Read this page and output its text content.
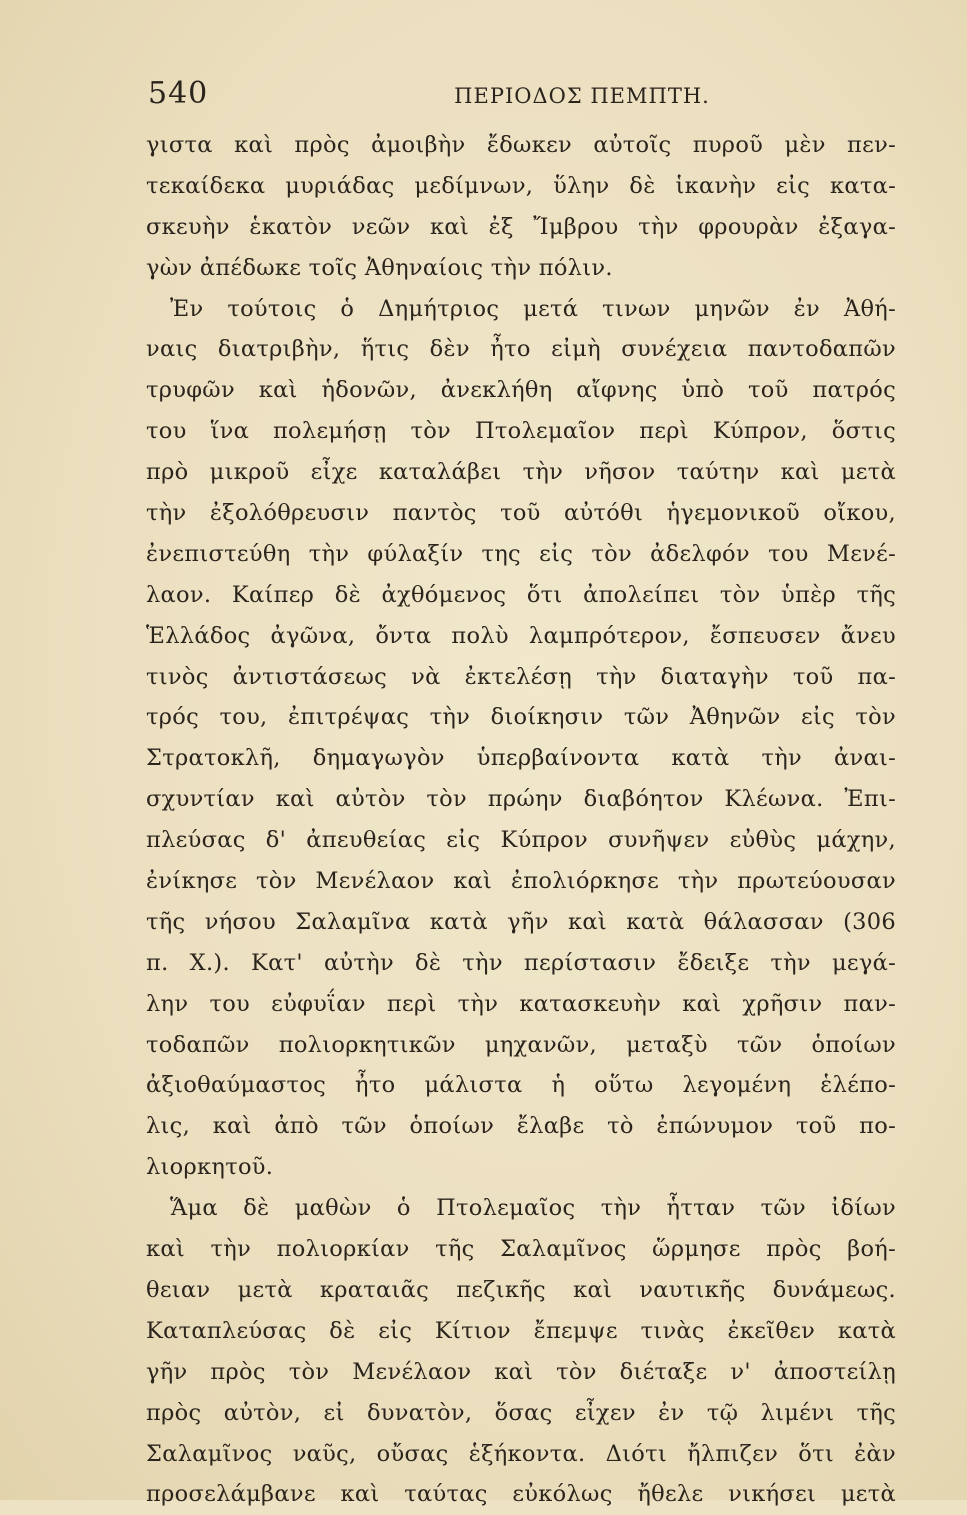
540	ΠΕΡΙΟΔΟΣ ΠΕΜΠΤΗ.
γιστα καὶ πρὸς ἀμοιβὴν ἔδωκεν αὐτοῖς πυροῦ μὲν πεν-
τεκαίδεκα μυριάδας μεδίμνων, ὕλην δὲ ἱκανὴν εἰς κατα-
σκευὴν ἑκατὸν νεῶν καὶ ἐξ Ἴμβρου τὴν φρουρὰν ἐξαγα-
γὼν ἀπέδωκε τοῖς Ἀθηναίοις τὴν πόλιν.
Ἐν τούτοις ὁ Δημήτριος μετά τινων μηνῶν ἐν Ἀθή-
ναις διατριβὴν, ἥτις δὲν ἦτο εἰμὴ συνέχεια παντοδαπῶν
τρυφῶν καὶ ἡδονῶν, ἀνεκλήθη αἴφνης ὑπὸ τοῦ πατρός
του ἵνα πολεμήσῃ τὸν Πτολεμαῖον περὶ Κύπρον, ὅστις
πρὸ μικροῦ εἶχε καταλάβει τὴν νῆσον ταύτην καὶ μετὰ
τὴν ἐξολόθρευσιν παντὸς τοῦ αὐτόθι ἡγεμονικοῦ οἴκου,
ἐνεπιστεύθη τὴν φύλαξίν της εἰς τὸν ἀδελφόν του Μενέ-
λαον. Καίπερ δὲ ἀχθόμενος ὅτι ἀπολείπει τὸν ὑπὲρ τῆς
Ἑλλάδος ἀγῶνα, ὄντα πολὺ λαμπρότερον, ἔσπευσεν ἄνευ
τινὸς ἀντιστάσεως νὰ ἐκτελέσῃ τὴν διαταγὴν τοῦ πα-
τρός του, ἐπιτρέψας τὴν διοίκησιν τῶν Ἀθηνῶν εἰς τὸν
Στρατοκλῆ, δημαγωγὸν ὑπερβαίνοντα κατὰ τὴν ἀναι-
σχυντίαν καὶ αὐτὸν τὸν πρώην διαβόητον Κλέωνα. Ἐπι-
πλεύσας δ' ἀπευθείας εἰς Κύπρον συνῆψεν εὐθὺς μάχην,
ἐνίκησε τὸν Μενέλαον καὶ ἐπολιόρκησε τὴν πρωτεύουσαν
τῆς νήσου Σαλαμῖνα κατὰ γῆν καὶ κατὰ θάλασσαν (306
π. Χ.). Κατ' αὐτὴν δὲ τὴν περίστασιν ἔδειξε τὴν μεγά-
λην του εὐφυΐαν περὶ τὴν κατασκευὴν καὶ χρῆσιν παν-
τοδαπῶν πολιορκητικῶν μηχανῶν, μεταξὺ τῶν ὁποίων
ἀξιοθαύμαστος ἦτο μάλιστα ἡ οὕτω λεγομένη ἑλέπο-
λις, καὶ ἀπὸ τῶν ὁποίων ἔλαβε τὸ ἐπώνυμον τοῦ πο-
λιορκητοῦ.
Ἅμα δὲ μαθὼν ὁ Πτολεμαῖος τὴν ἧτταν τῶν ἰδίων
καὶ τὴν πολιορκίαν τῆς Σαλαμῖνος ὥρμησε πρὸς βοή-
θειαν μετὰ κραταιᾶς πεζικῆς καὶ ναυτικῆς δυνάμεως.
Καταπλεύσας δὲ εἰς Κίτιον ἔπεμψε τινὰς ἐκεῖθεν κατὰ
γῆν πρὸς τὸν Μενέλαον καὶ τὸν διέταξε ν' ἀποστείλῃ
πρὸς αὐτὸν, εἰ δυνατὸν, ὅσας εἶχεν ἐν τῷ λιμένι τῆς
Σαλαμῖνος ναῦς, οὔσας ἑξήκοντα. Διότι ἤλπιζεν ὅτι ἐὰν
προσελάμβανε καὶ ταύτας εὐκόλως ἤθελε νικήσει μετὰ
